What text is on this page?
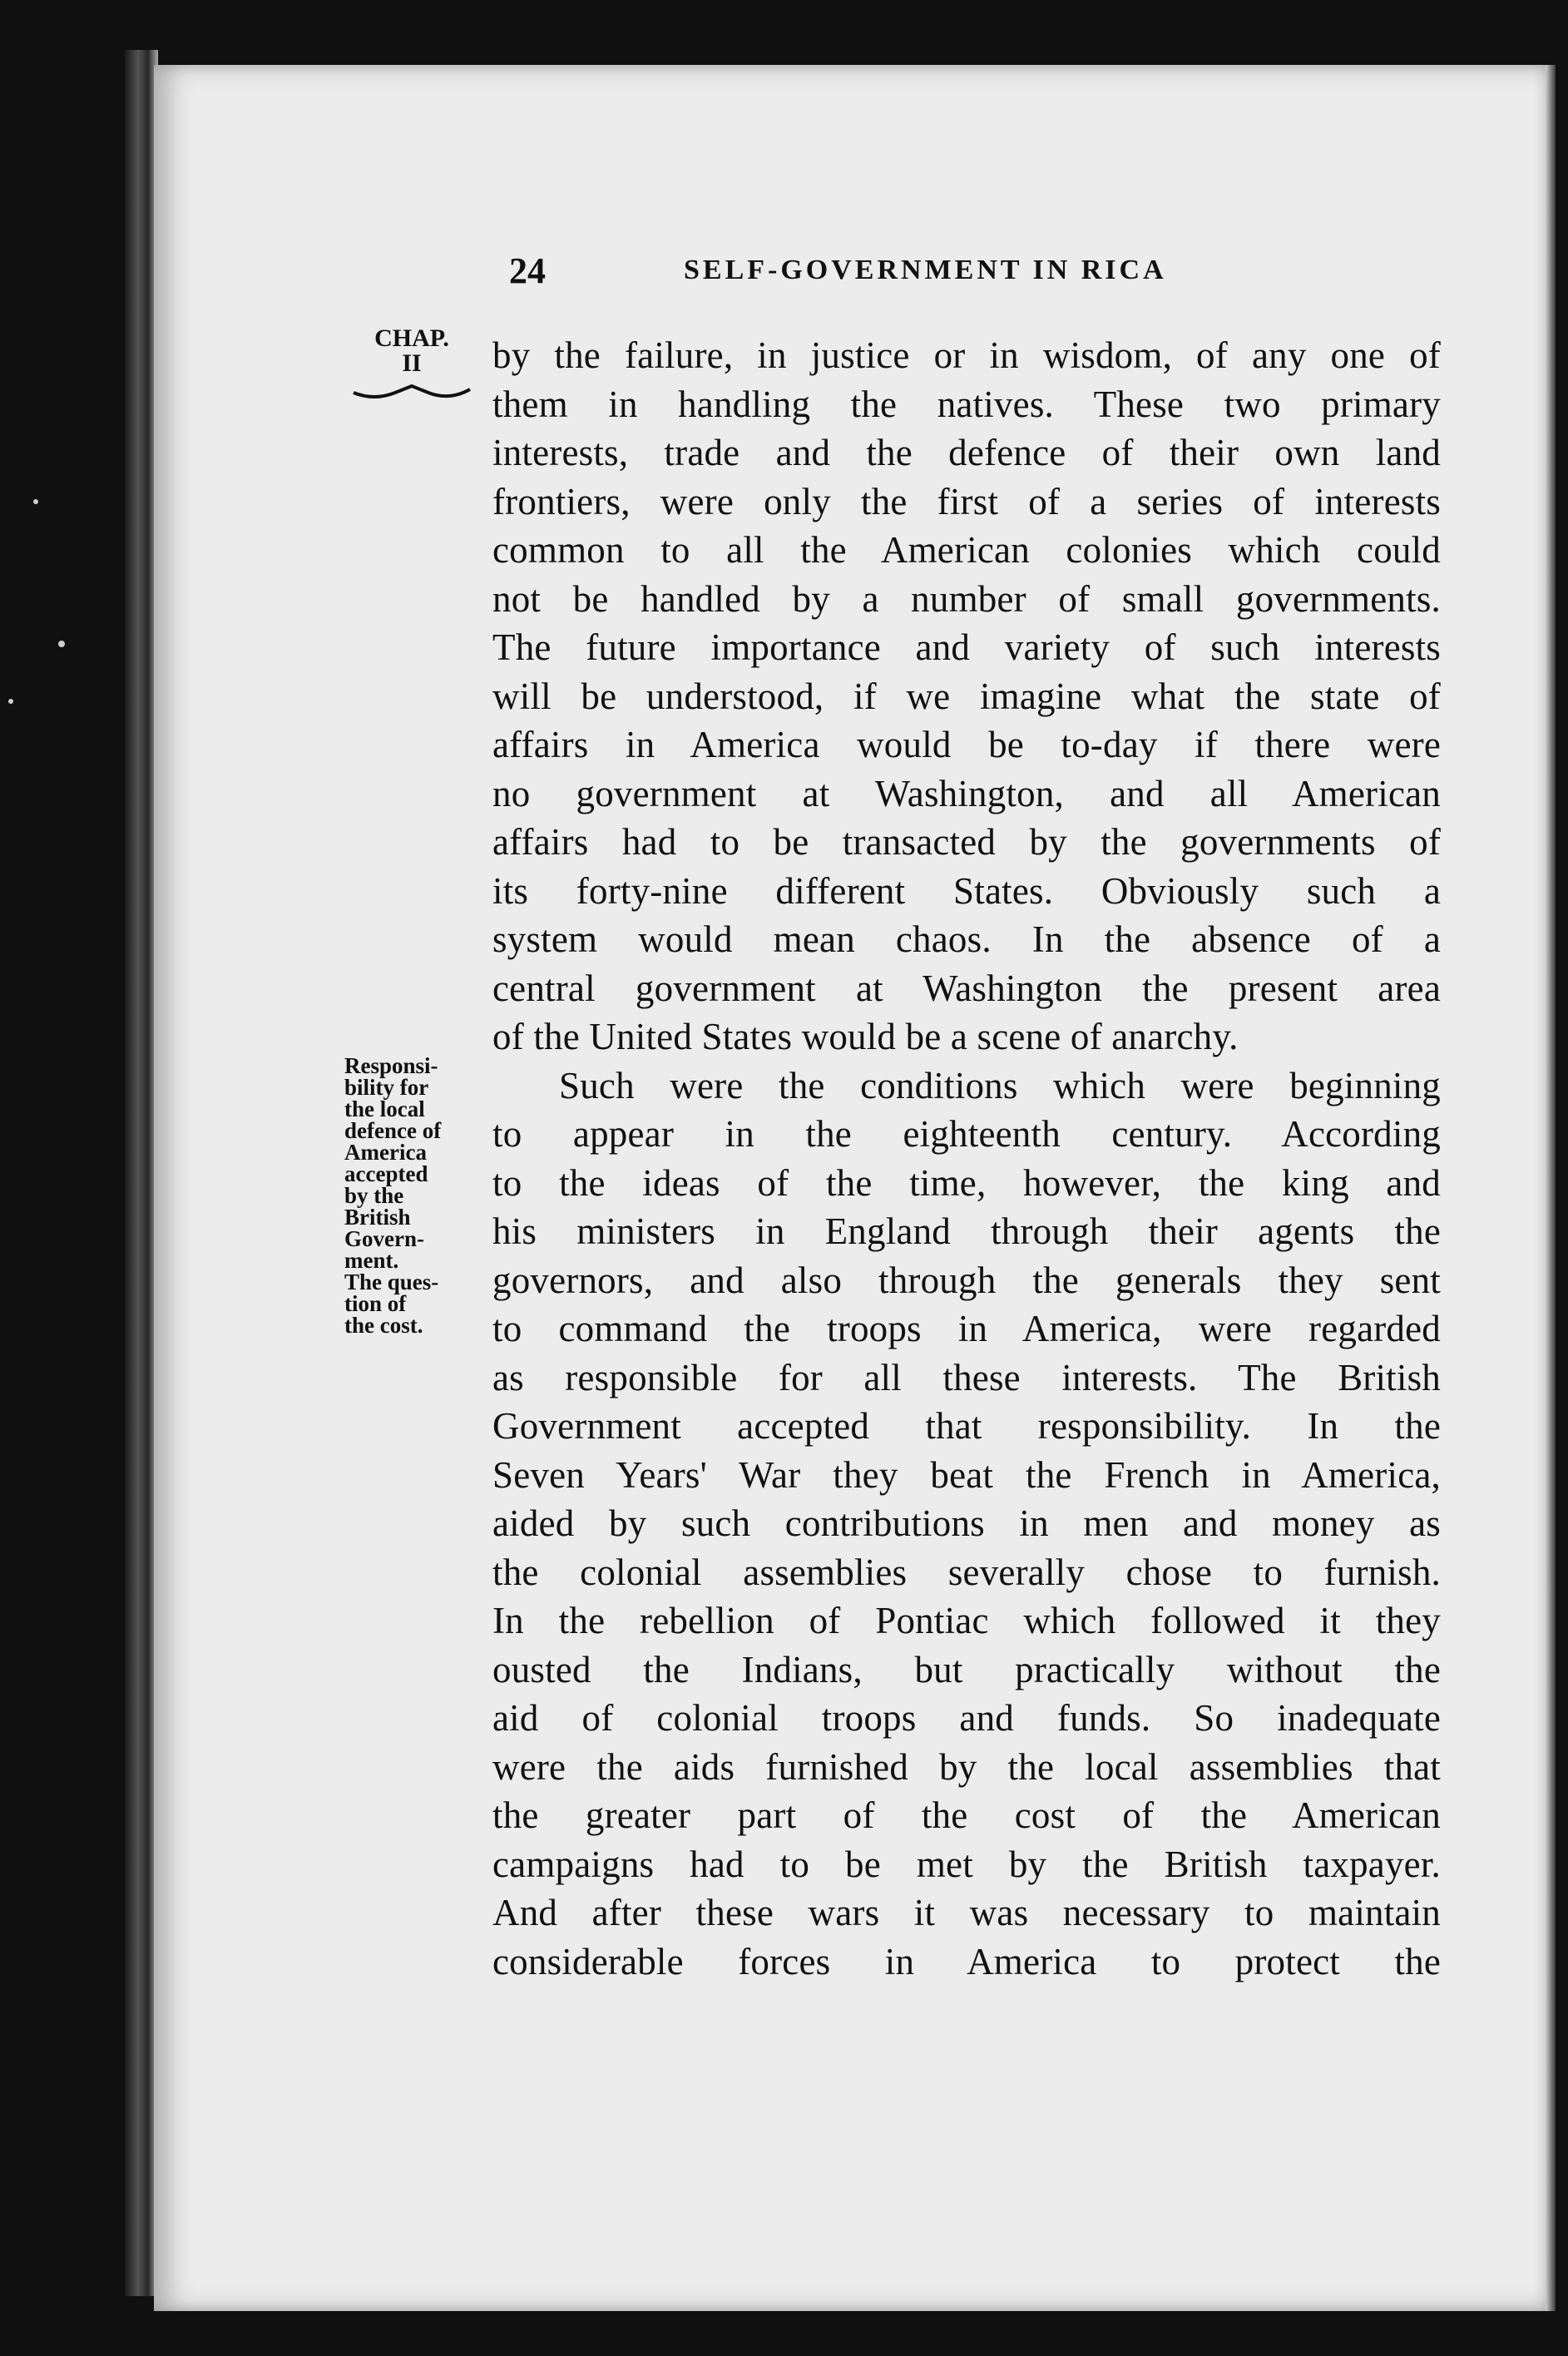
24	SELF-GOVERNMENT IN RICA
CHAP.
II
Responsi-
bility for
the local
defence of
America
accepted
by the
British
Govern-
ment.
The ques-
tion of
the cost.
by the failure, in justice or in wisdom, of any one of
them in handling the natives. These two primary
interests, trade and the defence of their own land
frontiers, were only the first of a series of interests
common to all the American colonies which could
not be handled by a number of small governments.
The future importance and variety of such interests
will be understood, if we imagine what the state of
affairs in America would be to-day if there were
no government at Washington, and all American
affairs had to be transacted by the governments of
its forty-nine different States. Obviously such a
system would mean chaos. In the absence of a
central government at Washington the present area
of the United States would be a scene of anarchy.
Such were the conditions which were beginning
to appear in the eighteenth century. According
to the ideas of the time, however, the king and
his ministers in England through their agents the
governors, and also through the generals they sent
to command the troops in America, were regarded
as responsible for all these interests. The British
Government accepted that responsibility. In the
Seven Years' War they beat the French in America,
aided by such contributions in men and money as
the colonial assemblies severally chose to furnish.
In the rebellion of Pontiac which followed it they
ousted the Indians, but practically without the
aid of colonial troops and funds. So inadequate
were the aids furnished by the local assemblies that
the greater part of the cost of the American
campaigns had to be met by the British taxpayer.
And after these wars it was necessary to maintain
considerable forces in America to protect the
